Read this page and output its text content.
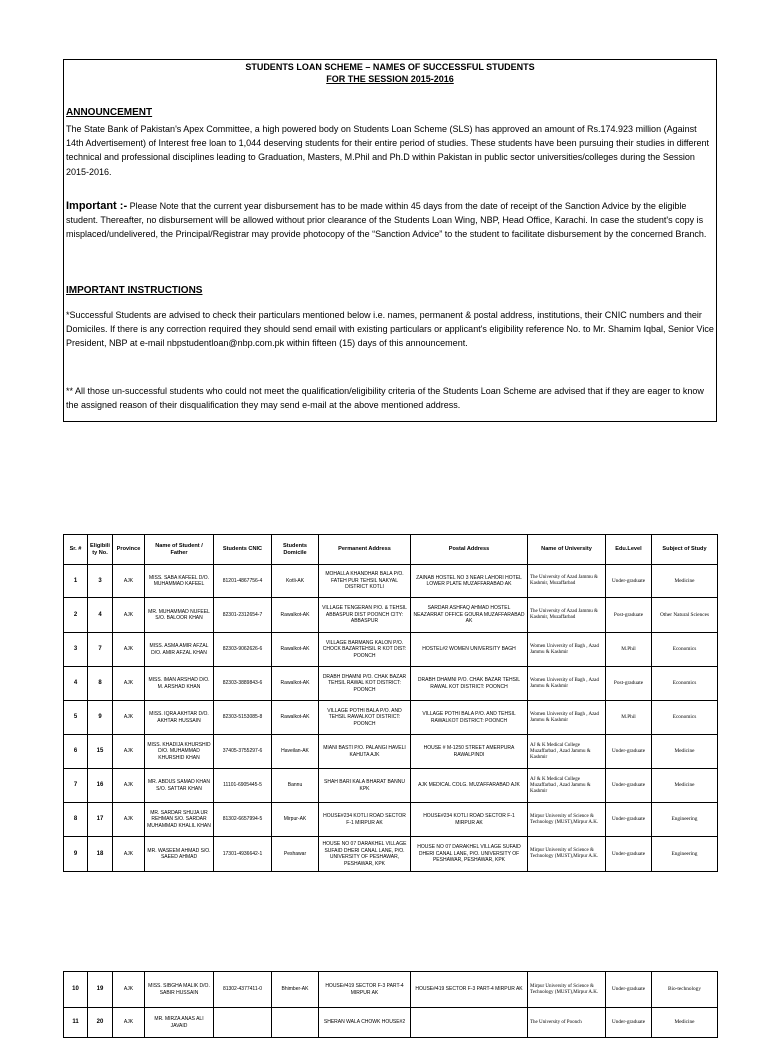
STUDENTS LOAN SCHEME – NAMES OF SUCCESSFUL STUDENTS
FOR THE SESSION 2015-2016
ANNOUNCEMENT
The State Bank of Pakistan's Apex Committee, a high powered body on Students Loan Scheme (SLS) has approved an amount of Rs.174.923 million (Against 14th Advertisement) of Interest free loan to 1,044 deserving students for their entire period of studies. These students have been pursuing their studies in different technical and professional disciplines leading to Graduation, Masters, M.Phil and Ph.D within Pakistan in public sector universities/colleges during the Session 2015-2016.
Important :- Please Note that the current year disbursement has to be made within 45 days from the date of receipt of the Sanction Advice by the eligible student. Thereafter, no disbursement will be allowed without prior clearance of the Students Loan Wing, NBP, Head Office, Karachi. In case the student's copy is misplaced/undelivered, the Principal/Registrar may provide photocopy of the “Sanction Advice” to the student to facilitate disbursement by the concerned Branch.
IMPORTANT INSTRUCTIONS
*Successful Students are advised to check their particulars mentioned below i.e. names, permanent & postal address, institutions, their CNIC numbers and their Domiciles. If there is any correction required they should send email with existing particulars or applicant's eligibility reference No. to Mr. Shamim Iqbal, Senior Vice President, NBP at e-mail nbpstudentloan@nbp.com.pk within fifteen (15) days of this announcement.
** All those un-successful students who could not meet the qualification/eligibility criteria of the Students Loan Scheme are advised that if they are eager to know the assigned reason of their disqualification they may send e-mail at the above mentioned address.
Sr. #	Eligibili ty No.	Province	Name of Student / Father	Students CNIC	Students Domicile	Permanent Address	Postal Address	Name of University	Edu.Level	Subject of Study
1	3	AJK	MISS. SABA KAFEEL D/O. MUHAMMAD KAFEEL	81201-4867756-4	Kotli-AK	MOHALLA KHANDHAR BALA P/O. FATEH PUR TEHSIL NAKYAL DISTRICT KOTLI	ZAINAB HOSTEL NO 3 NEAR LAHORI HOTEL LOWER PLATE MUZAFFARABAD AK	The University of Azad Jammu & Kashmir, Muzaffarbad	Under-graduate	Medicine
2	4	AJK	MR. MUHAMMAD NUFEEL S/O. BALOOR KHAN	82301-2312654-7	Rawalkot-AK	VILLAGE TENGERAN P/O. & TEHSIL ABBASPUR DIST POONCH CITY: ABBASPUR	SARDAR ASHFAQ AHMAD HOSTEL NEAZARRAT OFFICE GOURA MUZAFFARABAD AK	The University of Azad Jammu & Kashmir, Muzaffarbad	Post-graduate	Other Natural Sciences
3	7	AJK	MISS. ASMA AMIR AFZAL D/O. AMIR AFZAL KHAN	82303-9062626-6	Rawalkot-AK	VILLAGE BARMANG KALON P/O. CHOCK BAZARTEHSIL R KOT DIST: POONCH	HOSTEL#2 WOMEN UNIVERSITY BAGH	Women University of Bagh , Azad Jammu & Kashmir	M.Phil	Economics
4	8	AJK	MISS. IMAN ARSHAD D/O. M. ARSHAD KHAN	82303-3889843-6	Rawalkot-AK	DRABH DHAMNI P/O. CHAK BAZAR TEHSIL RAWAL KOT DISTRICT: POONCH	DRABH DHAMNI P/O. CHAK BAZAR TEHSIL RAWAL KOT DISTRICT: POONCH	Women University of Bagh , Azad Jammu & Kashmir	Post-graduate	Economics
5	9	AJK	MISS. IQRA AKHTAR D/O. AKHTAR HUSSAIN	82303-5153085-8	Rawalkot-AK	VILLAGE POTHI BALA P/O. AND TEHSIL RAWALKOT DISTRICT: POONCH	VILLAGE POTHI BALA P/O. AND TEHSIL RAWALKOT DISTRICT: POONCH	Women University of Bagh , Azad Jammu & Kashmir	M.Phil	Economics
6	15	AJK	MISS. KHADIJA KHURSHID D/O. MUHAMMAD KHURSHID KHAN	37405-3755297-6	Haveilan-AK	MIANI BASTI P/O. PALANGI HAVELI KAHUTA AJK	HOUSE # M-1250 STREET AMERPURA RAWALPINDI	AJ & K Medical College Muzaffarbad , Azad Jammu & Kashmir	Under-graduate	Medicine
7	16	AJK	MR. ABDUS SAMAD KHAN S/O. SATTAR KHAN	11101-6905445-5	Bannu	SHAH BARI KALA BHARAT BANNU KPK	AJK MEDICAL COLG. MUZAFFARABAD AJK	AJ & K Medical College Muzaffarbad , Azad Jammu & Kashmir	Under-graduate	Medicine
8	17	AJK	MR. SARDAR SHUJA UR REHMAN S/O. SARDAR MUHAMMAD KHALIL KHAN	81302-6657994-5	Mirpur-AK	HOUSE#234 KOTLI ROAD SECTOR F-1 MIRPUR AK	HOUSE#234 KOTLI ROAD SECTOR F-1 MIRPUR AK	Mirpur University of Science & Technology (MUST),Mirpur A.K.	Under-graduate	Engineering
9	18	AJK	MR. WASEEM AHMAD S/O. SAEED AHMAD	17301-4936642-1	Peshawar	HOUSE NO 07 DARAKHEL VILLAGE SUFAID DHERI CANAL LANE, P/O. UNIVERSITY OF PESHAWAR, PESHAWAR, KPK	HOUSE NO 07 DARAKHEL VILLAGE SUFAID DHERI CANAL LANE, P/O. UNIVERSITY OF PESHAWAR, PESHAWAR, KPK	Mirpur University of Science & Technology (MUST),Mirpur A.K.	Under-graduate	Engineering
10	19	AJK	MISS. SIBGHA MALIK D/O. SABIR HUSSAIN	81302-4377411-0	Bhimber-AK	HOUSE#419 SECTOR F-3 PART-4 MIRPUR AK	HOUSE#419 SECTOR F-3 PART-4 MIRPUR AK	Mirpur University of Science & Technology (MUST),Mirpur A.K.	Under-graduate	Bio-technology
11	20	AJK	MR. MIRZA ANAS ALI JAVAID			SHERAN WALA CHOWK HOUSE#2		The University of Poonch	Under-graduate	Medicine
